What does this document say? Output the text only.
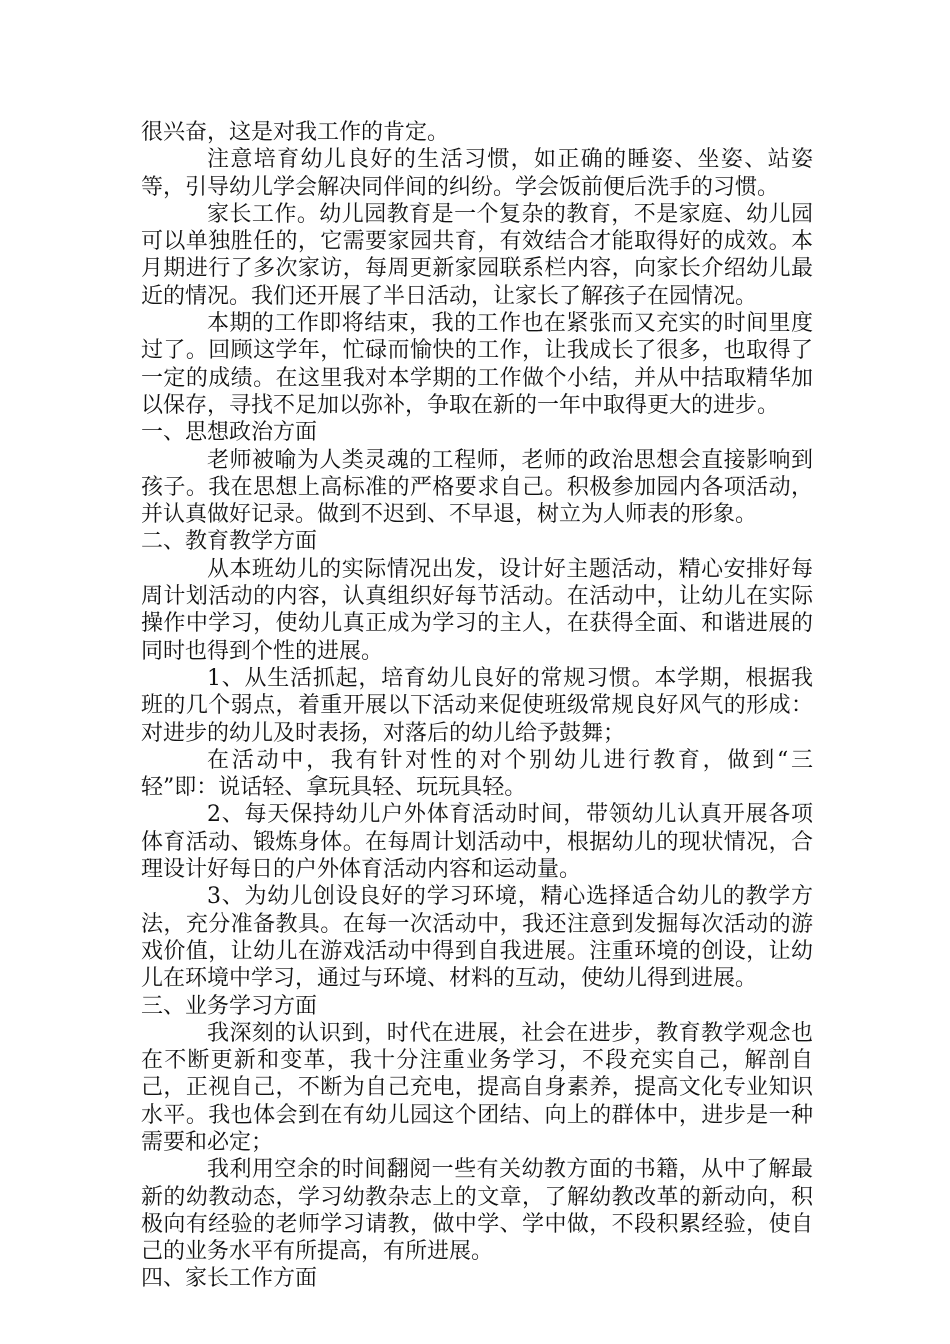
很兴奋，这是对我工作的肯定。

注意培育幼儿良好的生活习惯，如正确的睡姿、坐姿、站姿等，引导幼儿学会解决同伴间的纠纷。学会饭前便后洗手的习惯。

家长工作。幼儿园教育是一个复杂的教育，不是家庭、幼儿园可以单独胜任的，它需要家园共育，有效结合才能取得好的成效。本月期进行了多次家访，每周更新家园联系栏内容，向家长介绍幼儿最近的情况。我们还开展了半日活动，让家长了解孩子在园情况。

本期的工作即将结束，我的工作也在紧张而又充实的时间里度过了。回顾这学年，忙碌而愉快的工作，让我成长了很多，也取得了一定的成绩。在这里我对本学期的工作做个小结，并从中拮取精华加以保存，寻找不足加以弥补，争取在新的一年中取得更大的进步。

一、思想政治方面

老师被喻为人类灵魂的工程师，老师的政治思想会直接影响到孩子。我在思想上高标准的严格要求自己。积极参加园内各项活动，并认真做好记录。做到不迟到、不早退，树立为人师表的形象。

二、教育教学方面

从本班幼儿的实际情况出发，设计好主题活动，精心安排好每周计划活动的内容，认真组织好每节活动。在活动中，让幼儿在实际操作中学习，使幼儿真正成为学习的主人，在获得全面、和谐进展的同时也得到个性的进展。

1、从生活抓起，培育幼儿良好的常规习惯。本学期，根据我班的几个弱点，着重开展以下活动来促使班级常规良好风气的形成：对进步的幼儿及时表扬，对落后的幼儿给予鼓舞；

在活动中，我有针对性的对个别幼儿进行教育，做到“三轻”即：说话轻、拿玩具轻、玩玩具轻。

2、每天保持幼儿户外体育活动时间，带领幼儿认真开展各项体育活动、锻炼身体。在每周计划活动中，根据幼儿的现状情况，合理设计好每日的户外体育活动内容和运动量。

3、为幼儿创设良好的学习环境，精心选择适合幼儿的教学方法，充分准备教具。在每一次活动中，我还注意到发掘每次活动的游戏价值，让幼儿在游戏活动中得到自我进展。注重环境的创设，让幼儿在环境中学习，通过与环境、材料的互动，使幼儿得到进展。

三、业务学习方面

我深刻的认识到，时代在进展，社会在进步，教育教学观念也在不断更新和变革，我十分注重业务学习，不段充实自己，解剖自己，正视自己，不断为自己充电，提高自身素养，提高文化专业知识水平。我也体会到在有幼儿园这个团结、向上的群体中，进步是一种需要和必定；

我利用空余的时间翻阅一些有关幼教方面的书籍，从中了解最新的幼教动态，学习幼教杂志上的文章，了解幼教改革的新动向，积极向有经验的老师学习请教，做中学、学中做，不段积累经验，使自己的业务水平有所提高，有所进展。

四、家长工作方面
